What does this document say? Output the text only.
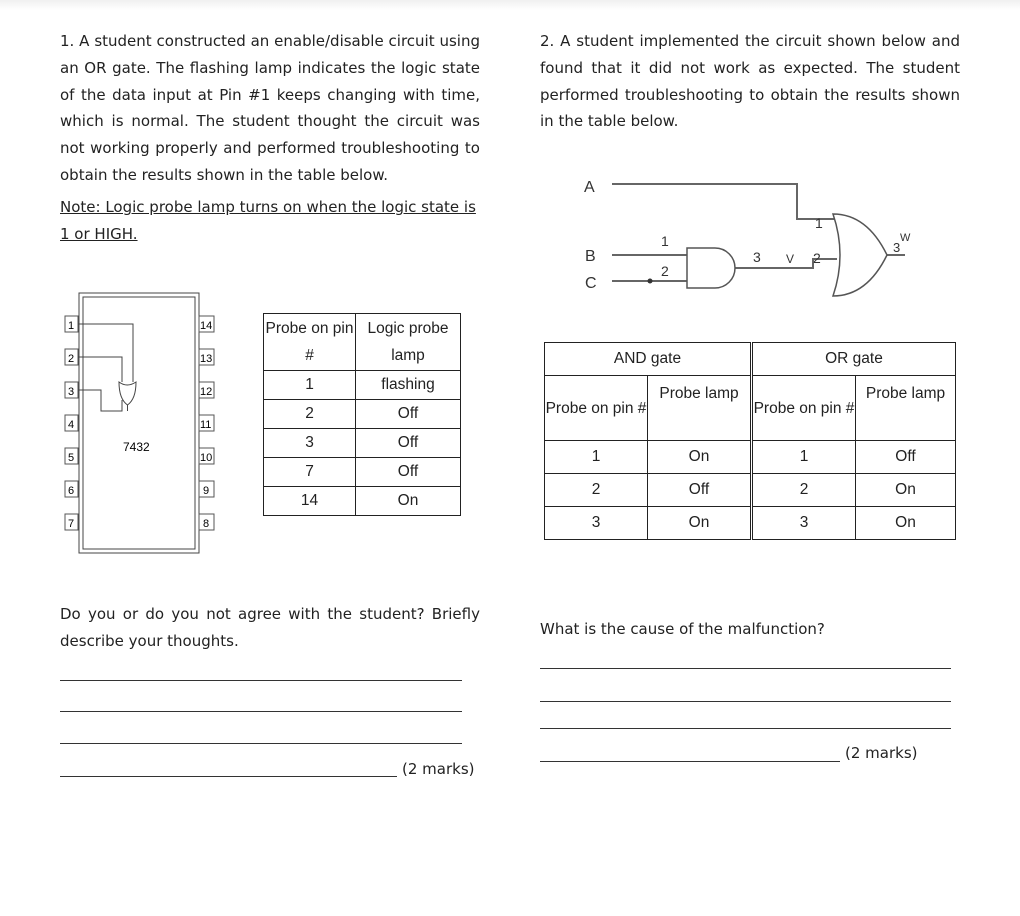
1. A student constructed an enable/disable circuit using an OR gate. The flashing lamp indicates the logic state of the data input at Pin #1 keeps changing with time, which is normal. The student thought the circuit was not working properly and performed troubleshooting to obtain the results shown in the table below.
Note: Logic probe lamp turns on when the logic state is 1 or HIGH.
1
2
3
4
5
6
7
14
13
12
11
10
9
8
7432
Probe on pin #	Logic probe lamp
1	flashing
2	Off
3	Off
7	Off
14	On
Do you or do you not agree with the student? Briefly describe your thoughts.
(2 marks)
2. A student implemented the circuit shown below and found that it did not work as expected. The student performed troubleshooting to obtain the results shown in the table below.
A
B
C
1
2
3 V
1
2
3
W
AND gate		OR gate	
Probe on pin #	Probe lamp	Probe on pin #	Probe lamp
1	On	1	Off
2	Off	2	On
3	On	3	On
What is the cause of the malfunction?
(2 marks)
